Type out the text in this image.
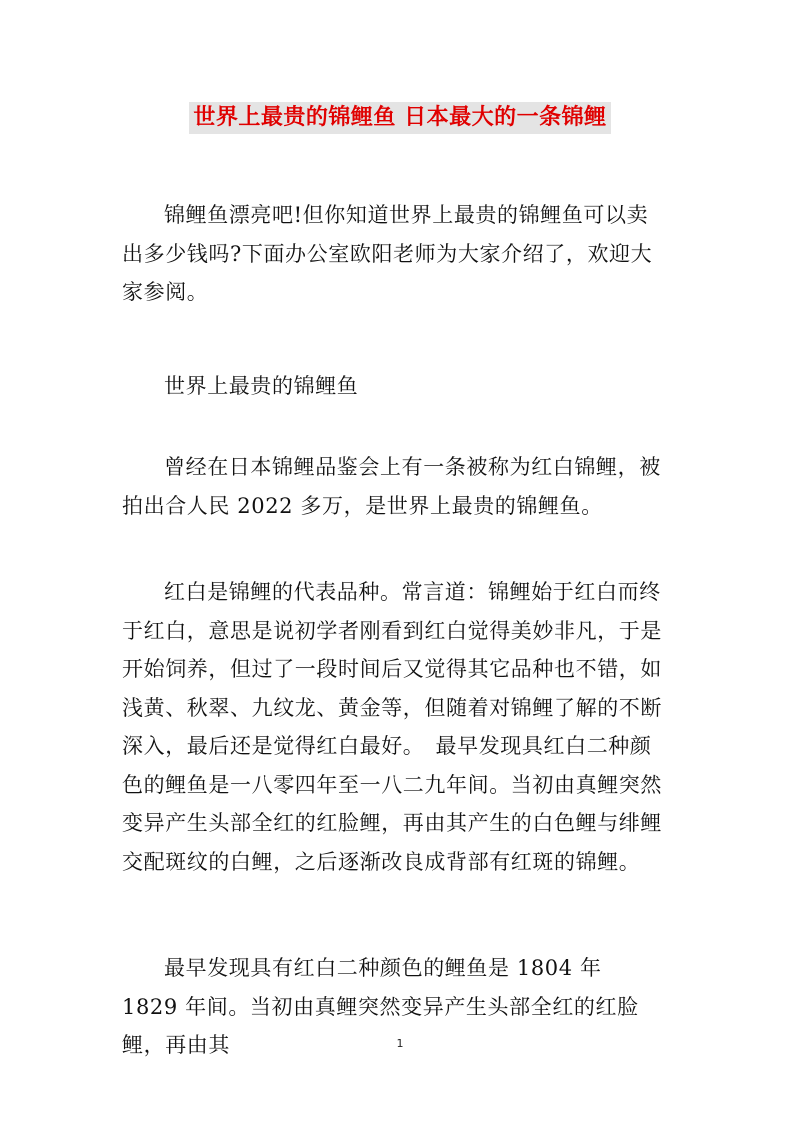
世界上最贵的锦鲤鱼 日本最大的一条锦鲤

锦鲤鱼漂亮吧!但你知道世界上最贵的锦鲤鱼可以卖出多少钱吗?下面办公室欧阳老师为大家介绍了，欢迎大家参阅。

世界上最贵的锦鲤鱼

曾经在日本锦鲤品鉴会上有一条被称为红白锦鲤，被拍出合人民 2022 多万，是世界上最贵的锦鲤鱼。

红白是锦鲤的代表品种。常言道：锦鲤始于红白而终于红白，意思是说初学者刚看到红白觉得美妙非凡，于是开始饲养，但过了一段时间后又觉得其它品种也不错，如浅黄、秋翠、九纹龙、黄金等，但随着对锦鲤了解的不断深入，最后还是觉得红白最好。　最早发现具红白二种颜色的鲤鱼是一八零四年至一八二九年间。当初由真鲤突然变异产生头部全红的红脸鲤，再由其产生的白色鲤与绯鲤交配斑纹的白鲤，之后逐渐改良成背部有红斑的锦鲤。

最早发现具有红白二种颜色的鲤鱼是 1804 年 1829 年间。当初由真鲤突然变异产生头部全红的红脸鲤，再由其	1
